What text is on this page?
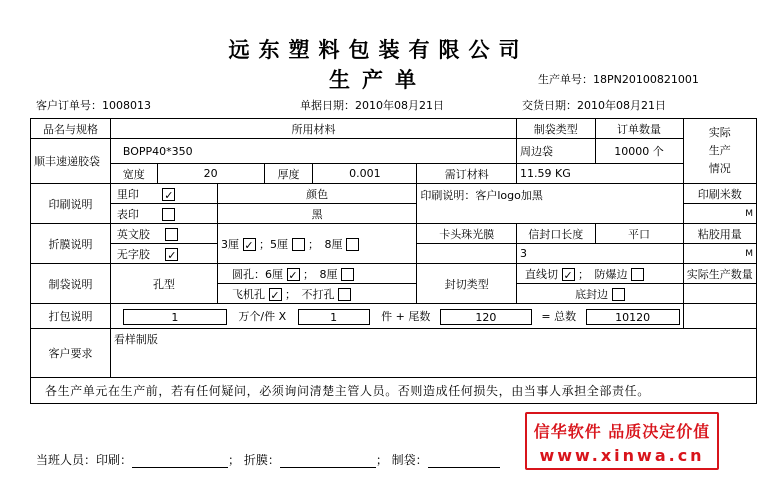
远东塑料包装有限公司
生产单	生产单号：18PN20100821001
客户订单号：1008013	单据日期：2010年08月21日	交货日期：2010年08月21日
品名与规格	所用材料						制袋类型	订单数量	实际
生产
情况
顺丰速递胶袋	BOPP40*350						周边袋	10000 个	
	宽度	20		厚度	0.001	需订材料	11.59 KG		
印刷说明	里印 ✓		颜色			印刷说明：客户logo加黑			印刷米数
	表印		黑						M
折膜说明	英文胶		3厘 ✓ ；5厘 ；　8厘			卡头珠光膜	信封口长度	平口	粘胶用量
	无字胶 ✓						3		M
制袋说明	孔型		圆孔：6厘 ✓ ；　8厘			封切类型	直线切 ✓ ；　防爆边		实际生产数量
			飞机孔 ✓ ；　不打孔				底封边		
打包说明	1 万个/件 X 1 件 + 尾数 120 = 总数 10120								
客户要求	看样制版								
各生产单元在生产前，若有任何疑问，必须询问清楚主管人员。否则造成任何损失，由当事人承担全部责任。									
当班人员：印刷：	； 折膜：	； 制袋：
信华软件 品质决定价值
www.xinwa.cn
